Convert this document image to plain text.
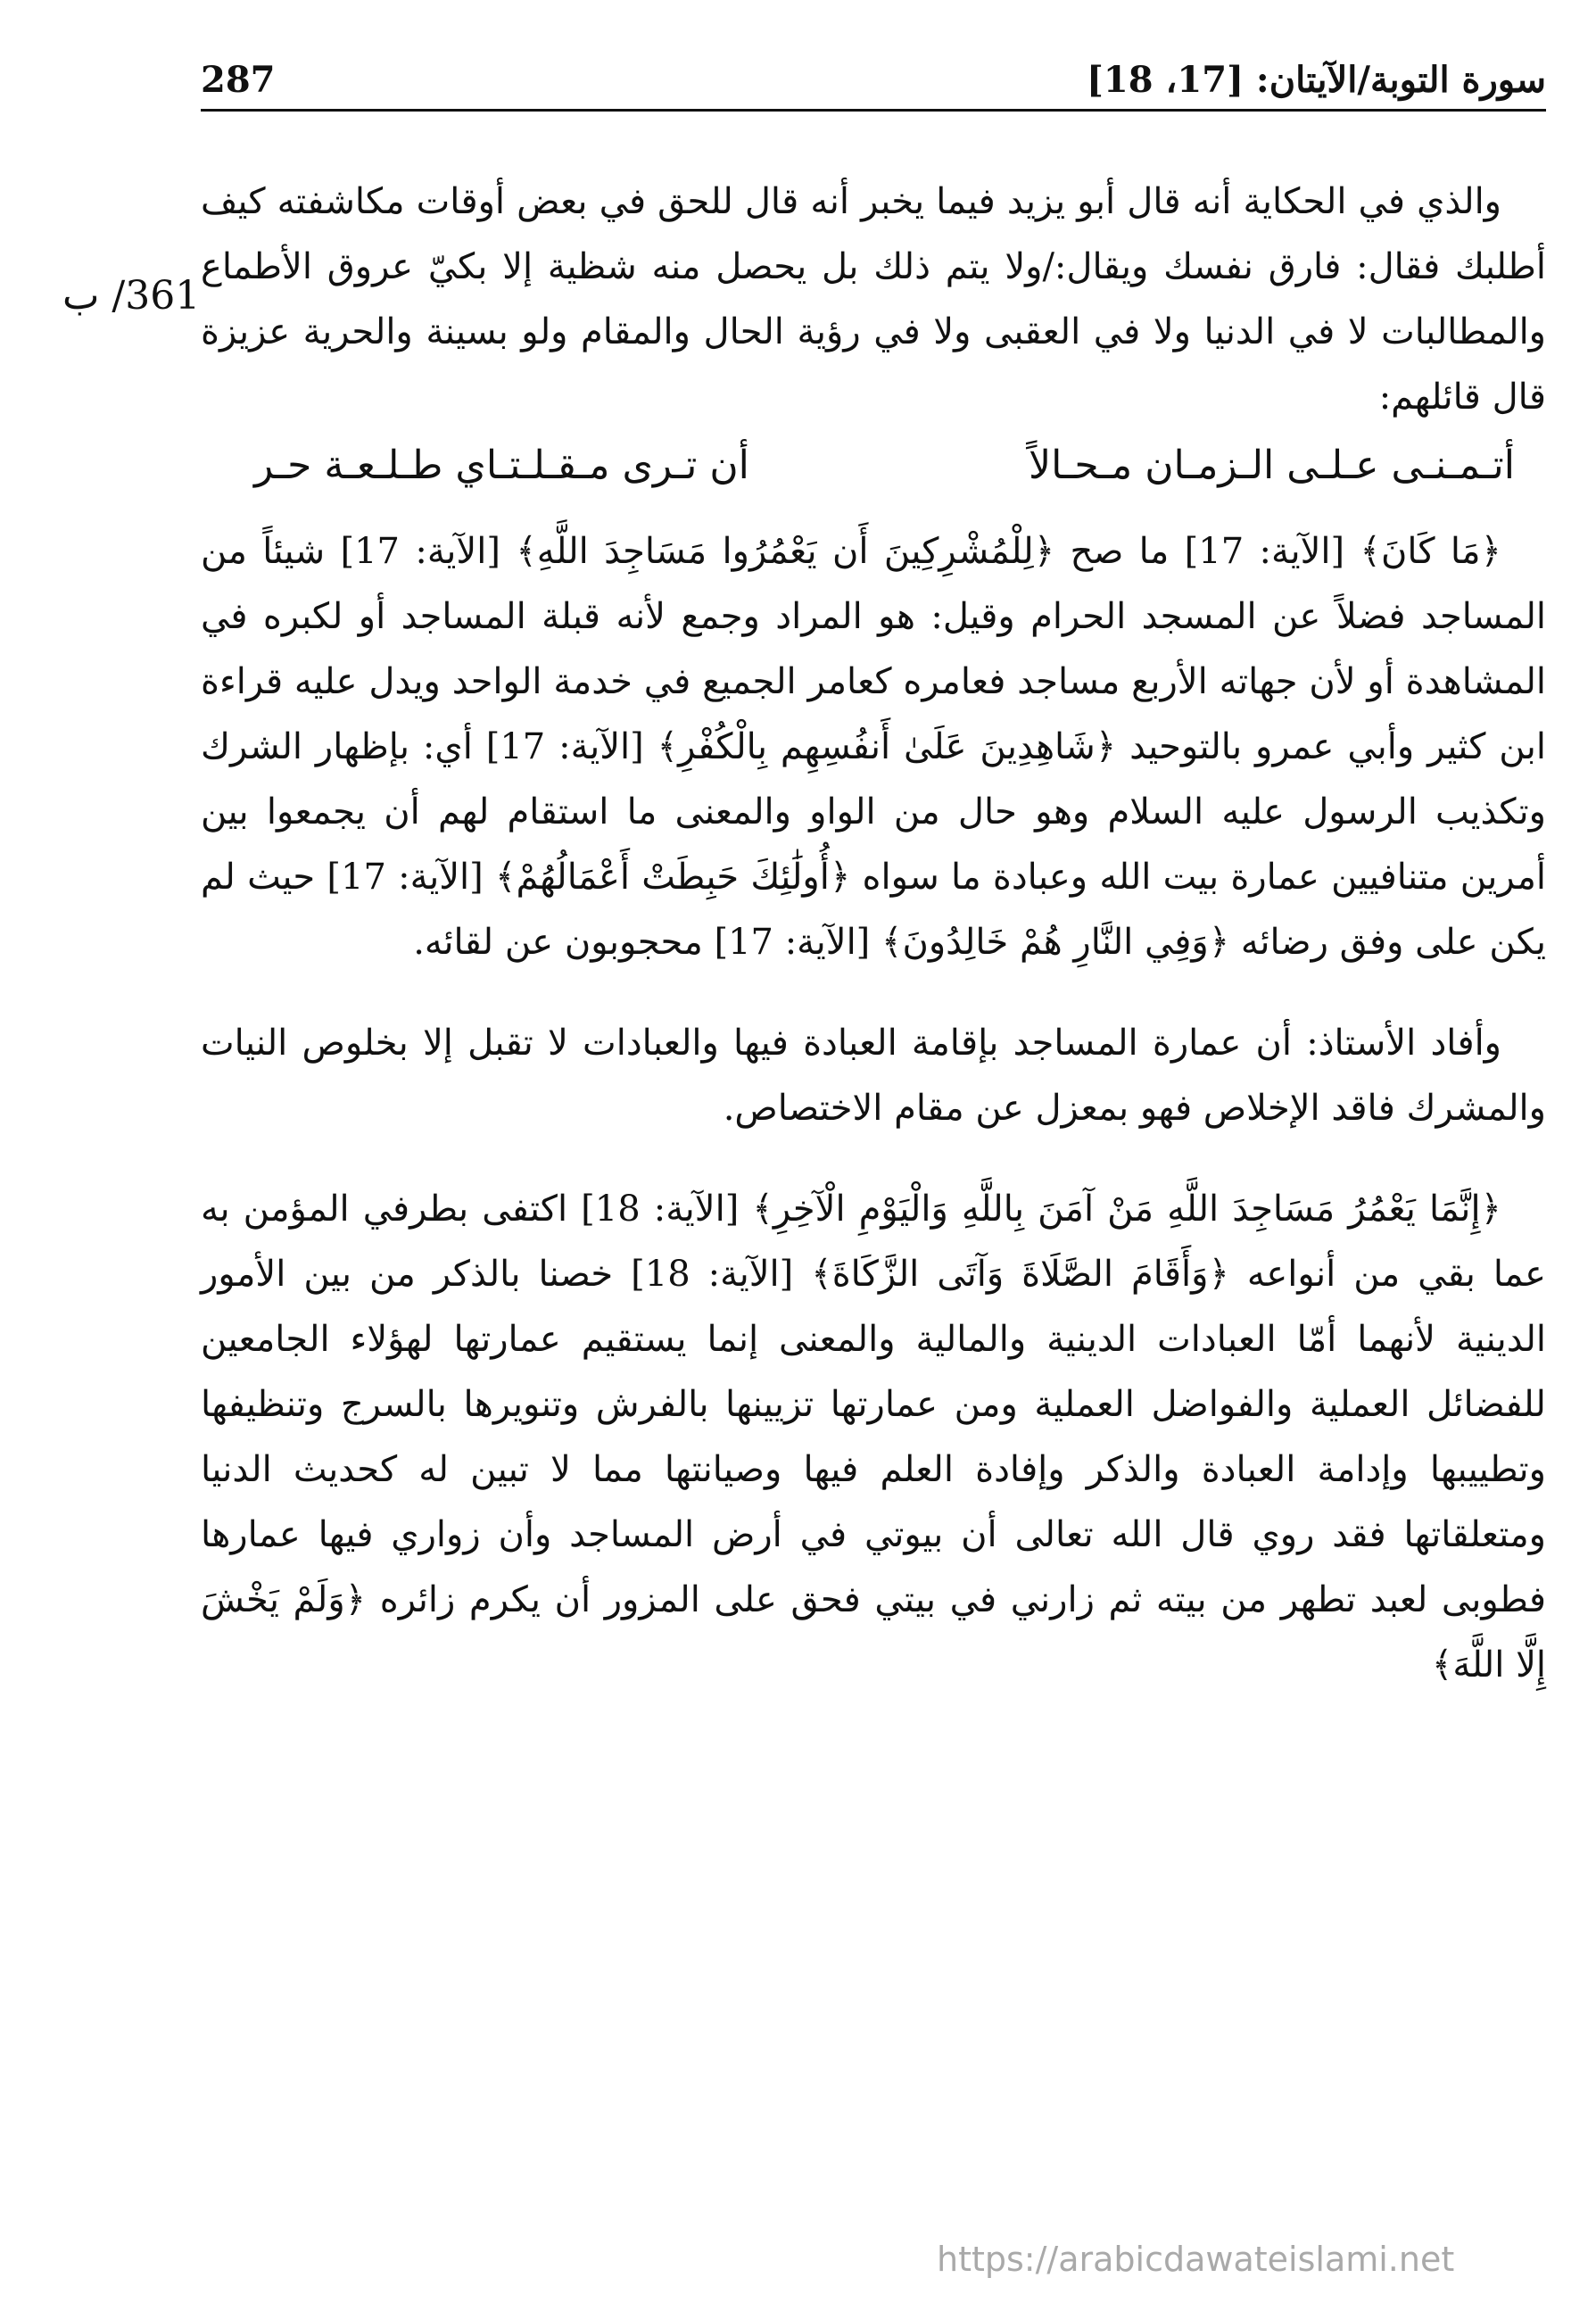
287	سورة التوبة/الآيتان: [17، 18]
361/ ب

والذي في الحكاية أنه قال أبو يزيد فيما يخبر أنه قال للحق في بعض أوقات مكاشفته كيف أطلبك فقال: فارق نفسك ويقال:/ولا يتم ذلك بل يحصل منه شظية إلا بكيّ عروق الأطماع والمطالبات لا في الدنيا ولا في العقبى ولا في رؤية الحال والمقام ولو بسينة والحرية عزيزة قال قائلهم:

أتـمـنـى عـلـى الـزمـان مـحـالاً
أن تـرى مـقـلـتـاي طـلـعـة حـر

﴿مَا كَانَ﴾ [الآية: 17] ما صح ﴿لِلْمُشْرِكِينَ أَن يَعْمُرُوا مَسَاجِدَ اللَّهِ﴾ [الآية: 17] شيئاً من المساجد فضلاً عن المسجد الحرام وقيل: هو المراد وجمع لأنه قبلة المساجد أو لكبره في المشاهدة أو لأن جهاته الأربع مساجد فعامره كعامر الجميع في خدمة الواحد ويدل عليه قراءة ابن كثير وأبي عمرو بالتوحيد ﴿شَاهِدِينَ عَلَىٰ أَنفُسِهِم بِالْكُفْرِ﴾ [الآية: 17] أي: بإظهار الشرك وتكذيب الرسول عليه السلام وهو حال من الواو والمعنى ما استقام لهم أن يجمعوا بين أمرين متنافيين عمارة بيت الله وعبادة ما سواه ﴿أُولَٰئِكَ حَبِطَتْ أَعْمَالُهُمْ﴾ [الآية: 17] حيث لم يكن على وفق رضائه ﴿وَفِي النَّارِ هُمْ خَالِدُونَ﴾ [الآية: 17] محجوبون عن لقائه.

وأفاد الأستاذ: أن عمارة المساجد بإقامة العبادة فيها والعبادات لا تقبل إلا بخلوص النيات والمشرك فاقد الإخلاص فهو بمعزل عن مقام الاختصاص.

﴿إِنَّمَا يَعْمُرُ مَسَاجِدَ اللَّهِ مَنْ آمَنَ بِاللَّهِ وَالْيَوْمِ الْآخِرِ﴾ [الآية: 18] اكتفى بطرفي المؤمن به عما بقي من أنواعه ﴿وَأَقَامَ الصَّلَاةَ وَآتَى الزَّكَاةَ﴾ [الآية: 18] خصنا بالذكر من بين الأمور الدينية لأنهما أمّا العبادات الدينية والمالية والمعنى إنما يستقيم عمارتها لهؤلاء الجامعين للفضائل العملية والفواضل العملية ومن عمارتها تزيينها بالفرش وتنويرها بالسرج وتنظيفها وتطييبها وإدامة العبادة والذكر وإفادة العلم فيها وصيانتها مما لا تبين له كحديث الدنيا ومتعلقاتها فقد روي قال الله تعالى أن بيوتي في أرض المساجد وأن زواري فيها عمارها فطوبى لعبد تطهر من بيته ثم زارني في بيتي فحق على المزور أن يكرم زائره ﴿وَلَمْ يَخْشَ إِلَّا اللَّهَ﴾

https://arabicdawateislami.net
